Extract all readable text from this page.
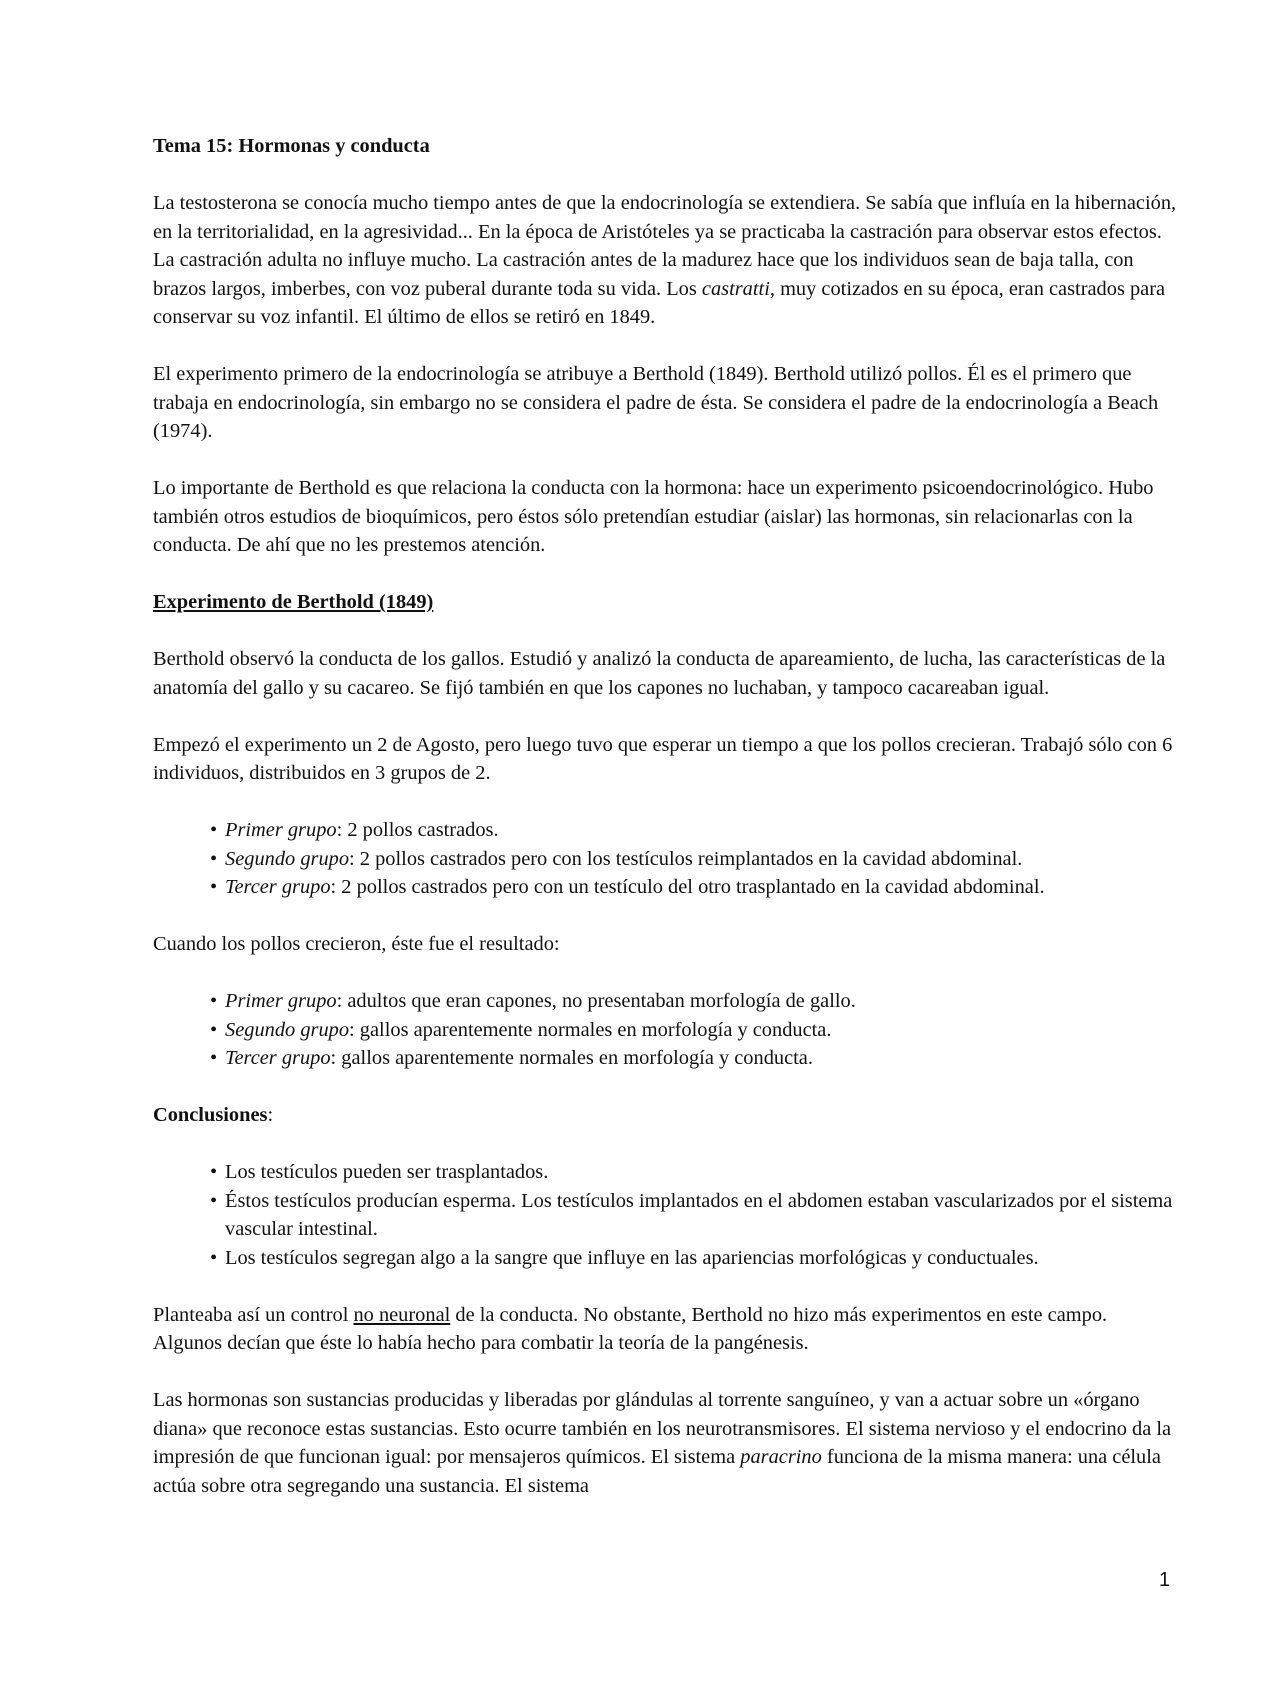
Tema 15: Hormonas y conducta

La testosterona se conocía mucho tiempo antes de que la endocrinología se extendiera. Se sabía que influía en la hibernación, en la territorialidad, en la agresividad... En la época de Aristóteles ya se practicaba la castración para observar estos efectos. La castración adulta no influye mucho. La castración antes de la madurez hace que los individuos sean de baja talla, con brazos largos, imberbes, con voz puberal durante toda su vida. Los castratti, muy cotizados en su época, eran castrados para conservar su voz infantil. El último de ellos se retiró en 1849.

El experimento primero de la endocrinología se atribuye a Berthold (1849). Berthold utilizó pollos. Él es el primero que trabaja en endocrinología, sin embargo no se considera el padre de ésta. Se considera el padre de la endocrinología a Beach (1974).

Lo importante de Berthold es que relaciona la conducta con la hormona: hace un experimento psicoendocrinológico. Hubo también otros estudios de bioquímicos, pero éstos sólo pretendían estudiar (aislar) las hormonas, sin relacionarlas con la conducta. De ahí que no les prestemos atención.

Experimento de Berthold (1849)

Berthold observó la conducta de los gallos. Estudió y analizó la conducta de apareamiento, de lucha, las características de la anatomía del gallo y su cacareo. Se fijó también en que los capones no luchaban, y tampoco cacareaban igual.

Empezó el experimento un 2 de Agosto, pero luego tuvo que esperar un tiempo a que los pollos crecieran. Trabajó sólo con 6 individuos, distribuidos en 3 grupos de 2.

• Primer grupo: 2 pollos castrados.
• Segundo grupo: 2 pollos castrados pero con los testículos reimplantados en la cavidad abdominal.
• Tercer grupo: 2 pollos castrados pero con un testículo del otro trasplantado en la cavidad abdominal.

Cuando los pollos crecieron, éste fue el resultado:

• Primer grupo: adultos que eran capones, no presentaban morfología de gallo.
• Segundo grupo: gallos aparentemente normales en morfología y conducta.
• Tercer grupo: gallos aparentemente normales en morfología y conducta.

Conclusiones:

• Los testículos pueden ser trasplantados.
• Éstos testículos producían esperma. Los testículos implantados en el abdomen estaban vascularizados por el sistema vascular intestinal.
• Los testículos segregan algo a la sangre que influye en las apariencias morfológicas y conductuales.

Planteaba así un control no neuronal de la conducta. No obstante, Berthold no hizo más experimentos en este campo. Algunos decían que éste lo había hecho para combatir la teoría de la pangénesis.

Las hormonas son sustancias producidas y liberadas por glándulas al torrente sanguíneo, y van a actuar sobre un «órgano diana» que reconoce estas sustancias. Esto ocurre también en los neurotransmisores. El sistema nervioso y el endocrino da la impresión de que funcionan igual: por mensajeros químicos. El sistema paracrino funciona de la misma manera: una célula actúa sobre otra segregando una sustancia. El sistema

1
